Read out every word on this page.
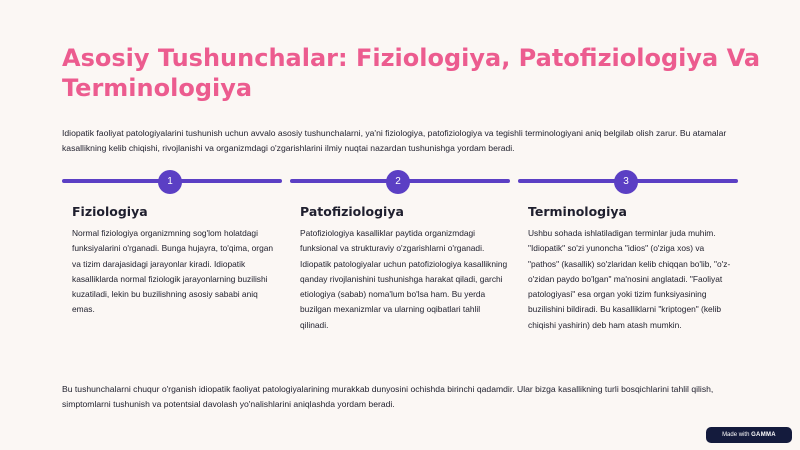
Asosiy Tushunchalar: Fiziologiya, Patofiziologiya Va Terminologiya

Idiopatik faoliyat patologiyalarini tushunish uchun avvalo asosiy tushunchalarni, ya'ni fiziologiya, patofiziologiya va tegishli terminologiyani aniq belgilab olish zarur. Bu atamalar kasallikning kelib chiqishi, rivojlanishi va organizmdagi o'zgarishlarini ilmiy nuqtai nazardan tushunishga yordam beradi.

1
Fiziologiya

Normal fiziologiya organizmning sog'lom holatdagi funksiyalarini o'rganadi. Bunga hujayra, to'qima, organ va tizim darajasidagi jarayonlar kiradi. Idiopatik kasalliklarda normal fiziologik jarayonlarning buzilishi kuzatiladi, lekin bu buzilishning asosiy sababi aniq emas.

2
Patofiziologiya

Patofiziologiya kasalliklar paytida organizmdagi funksional va strukturaviy o'zgarishlarni o'rganadi. Idiopatik patologiyalar uchun patofiziologiya kasallikning qanday rivojlanishini tushunishga harakat qiladi, garchi etiologiya (sabab) noma'lum bo'lsa ham. Bu yerda buzilgan mexanizmlar va ularning oqibatlari tahlil qilinadi.

3
Terminologiya

Ushbu sohada ishlatiladigan terminlar juda muhim. "Idiopatik" so'zi yunoncha "idios" (o'ziga xos) va "pathos" (kasallik) so'zlaridan kelib chiqqan bo'lib, "o'z-o'zidan paydo bo'lgan" ma'nosini anglatadi. "Faoliyat patologiyasi" esa organ yoki tizim funksiyasining buzilishini bildiradi. Bu kasalliklarni "kriptogen" (kelib chiqishi yashirin) deb ham atash mumkin.

Bu tushunchalarni chuqur o'rganish idiopatik faoliyat patologiyalarining murakkab dunyosini ochishda birinchi qadamdir. Ular bizga kasallikning turli bosqichlarini tahlil qilish, simptomlarni tushunish va potentsial davolash yo'nalishlarini aniqlashda yordam beradi.

Made with GAMMA
